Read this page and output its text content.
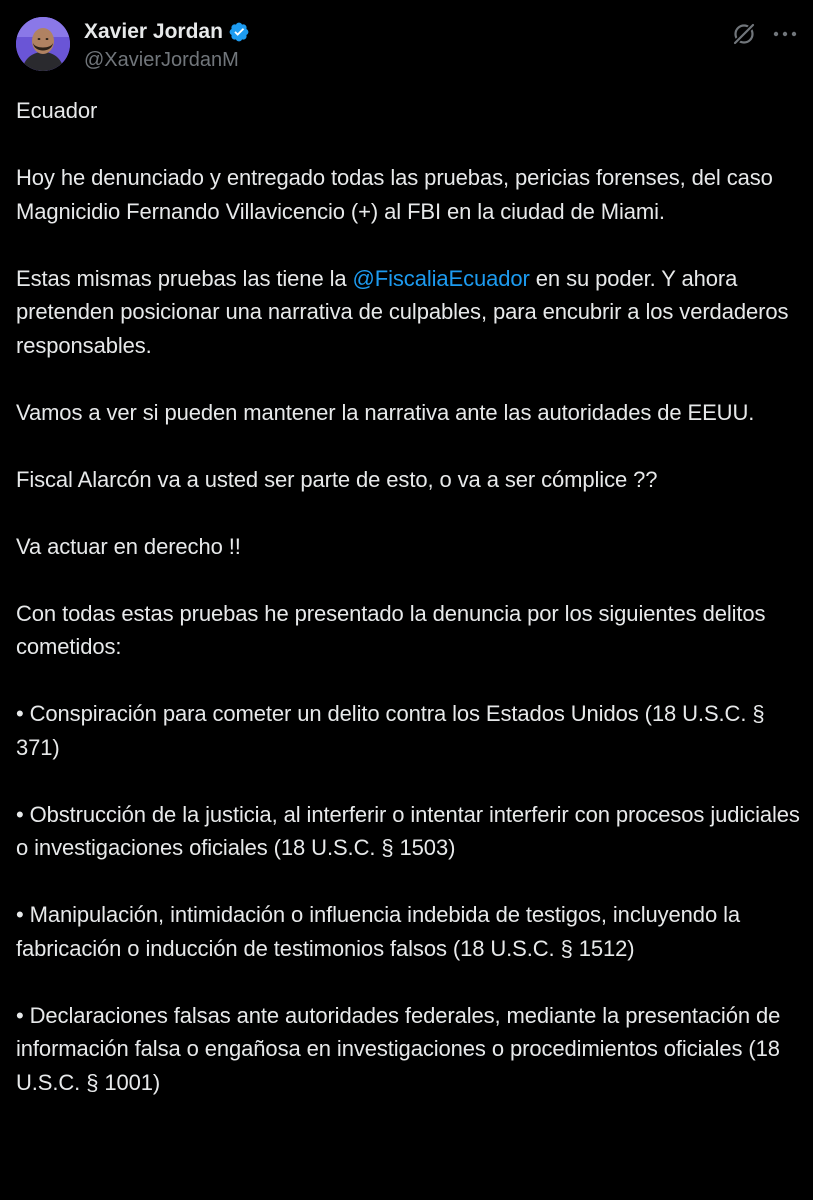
Xavier Jordan
@XavierJordanM

Ecuador

Hoy he denunciado y entregado todas las pruebas, pericias forenses, del caso Magnicidio Fernando Villavicencio (+) al FBI en la ciudad de Miami.

Estas mismas pruebas las tiene la @FiscaliaEcuador en su poder. Y ahora pretenden posicionar una narrativa de culpables, para encubrir a los verdaderos responsables.

Vamos a ver si pueden mantener la narrativa ante las autoridades de EEUU.

Fiscal Alarcón va a usted ser parte de esto, o va a ser cómplice ??

Va actuar en derecho !!

Con todas estas pruebas he presentado la denuncia por los siguientes delitos cometidos:

• Conspiración para cometer un delito contra los Estados Unidos (18 U.S.C. § 371)

• Obstrucción de la justicia, al interferir o intentar interferir con procesos judiciales o investigaciones oficiales (18 U.S.C. § 1503)

• Manipulación, intimidación o influencia indebida de testigos, incluyendo la fabricación o inducción de testimonios falsos (18 U.S.C. § 1512)

• Declaraciones falsas ante autoridades federales, mediante la presentación de información falsa o engañosa en investigaciones o procedimientos oficiales (18 U.S.C. § 1001)
